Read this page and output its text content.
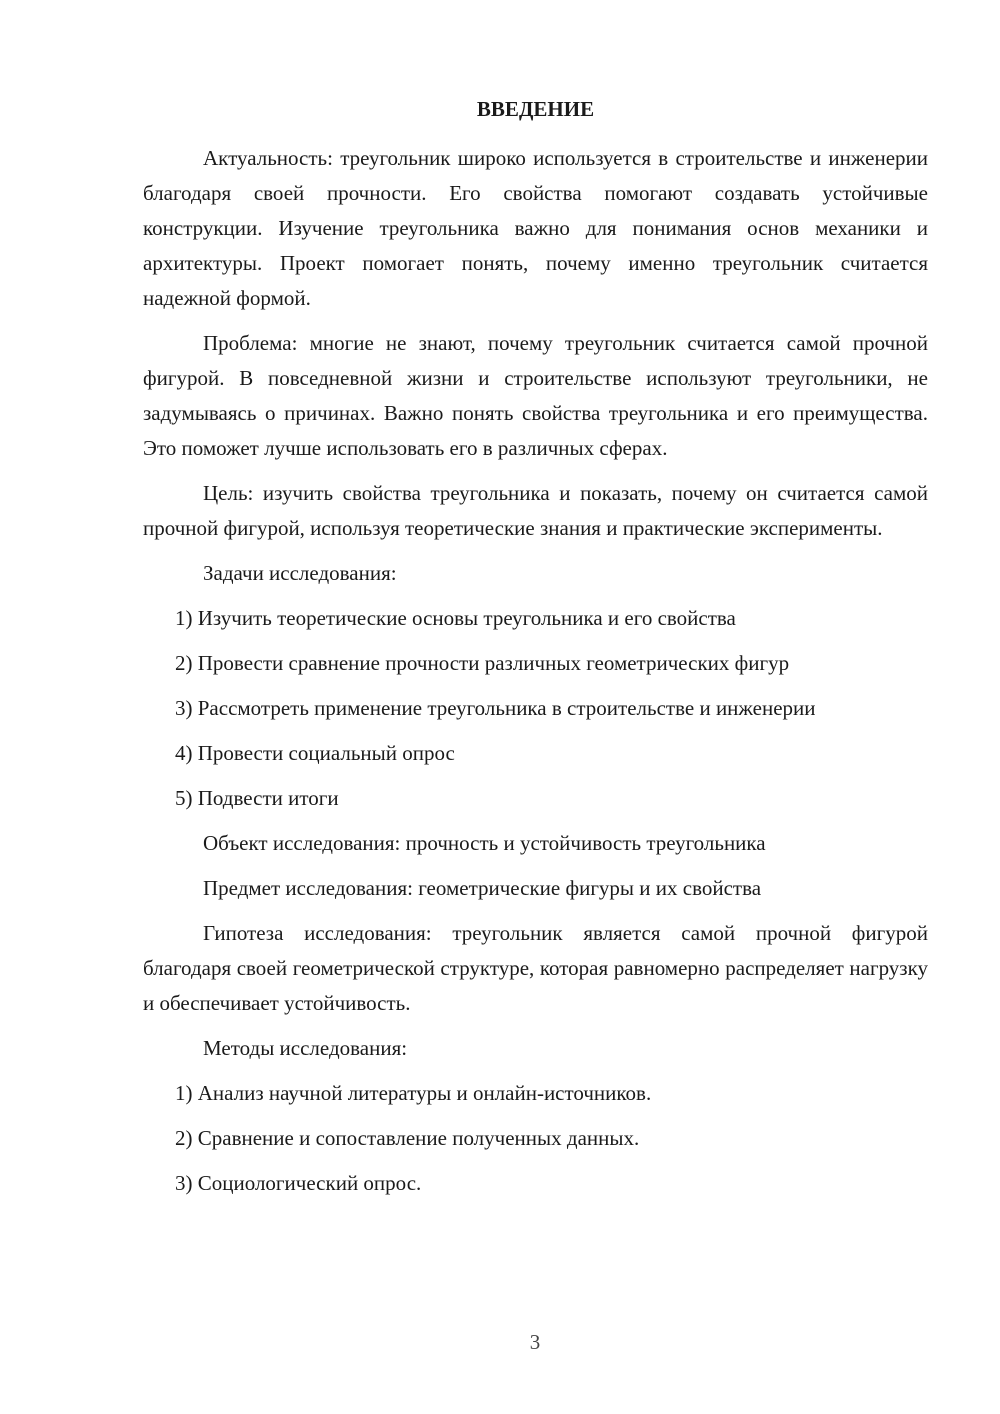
ВВЕДЕНИЕ

Актуальность: треугольник широко используется в строительстве и инженерии благодаря своей прочности. Его свойства помогают создавать устойчивые конструкции. Изучение треугольника важно для понимания основ механики и архитектуры. Проект помогает понять, почему именно треугольник считается надежной формой.

Проблема: многие не знают, почему треугольник считается самой прочной фигурой. В повседневной жизни и строительстве используют треугольники, не задумываясь о причинах. Важно понять свойства треугольника и его преимущества. Это поможет лучше использовать его в различных сферах.

Цель: изучить свойства треугольника и показать, почему он считается самой прочной фигурой, используя теоретические знания и практические эксперименты.

Задачи исследования:

1) Изучить теоретические основы треугольника и его свойства
2) Провести сравнение прочности различных геометрических фигур
3) Рассмотреть применение треугольника в строительстве и инженерии
4) Провести социальный опрос
5) Подвести итоги

Объект исследования: прочность и устойчивость треугольника

Предмет исследования: геометрические фигуры и их свойства

Гипотеза исследования: треугольник является самой прочной фигурой благодаря своей геометрической структуре, которая равномерно распределяет нагрузку и обеспечивает устойчивость.

Методы исследования:

1) Анализ научной литературы и онлайн-источников.
2) Сравнение и сопоставление полученных данных.
3) Социологический опрос.
3
